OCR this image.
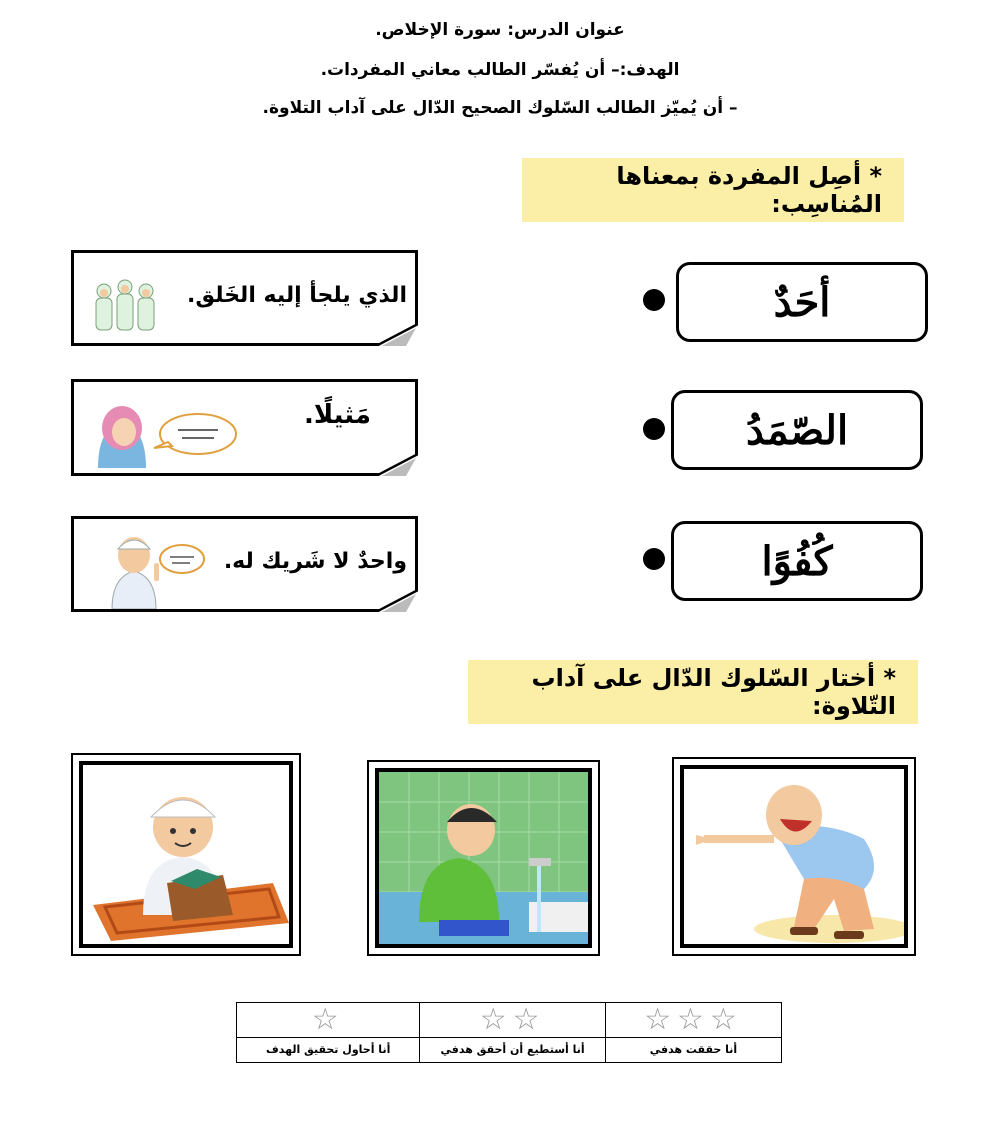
عنوان الدرس: سورة الإخلاص.
الهدف:– أن يُفسّر الطالب معاني المفردات.
– أن يُميّز الطالب السّلوك الصحيح الدّال على آداب التلاوة.
* أصِل المفردة بمعناها المُناسِب:
أحَدٌ
الصّمَدُ
كُفُوًا
الذي يلجأ إليه الخَلق.
مَثيلًا.
واحدٌ لا شَريك له.
* أختار السّلوك الدّال على آداب التّلاوة:
☆☆☆	☆☆	☆

أنا حققت هدفي	أنا أستطيع أن أحقق هدفي	أنا أحاول تحقيق الهدف
